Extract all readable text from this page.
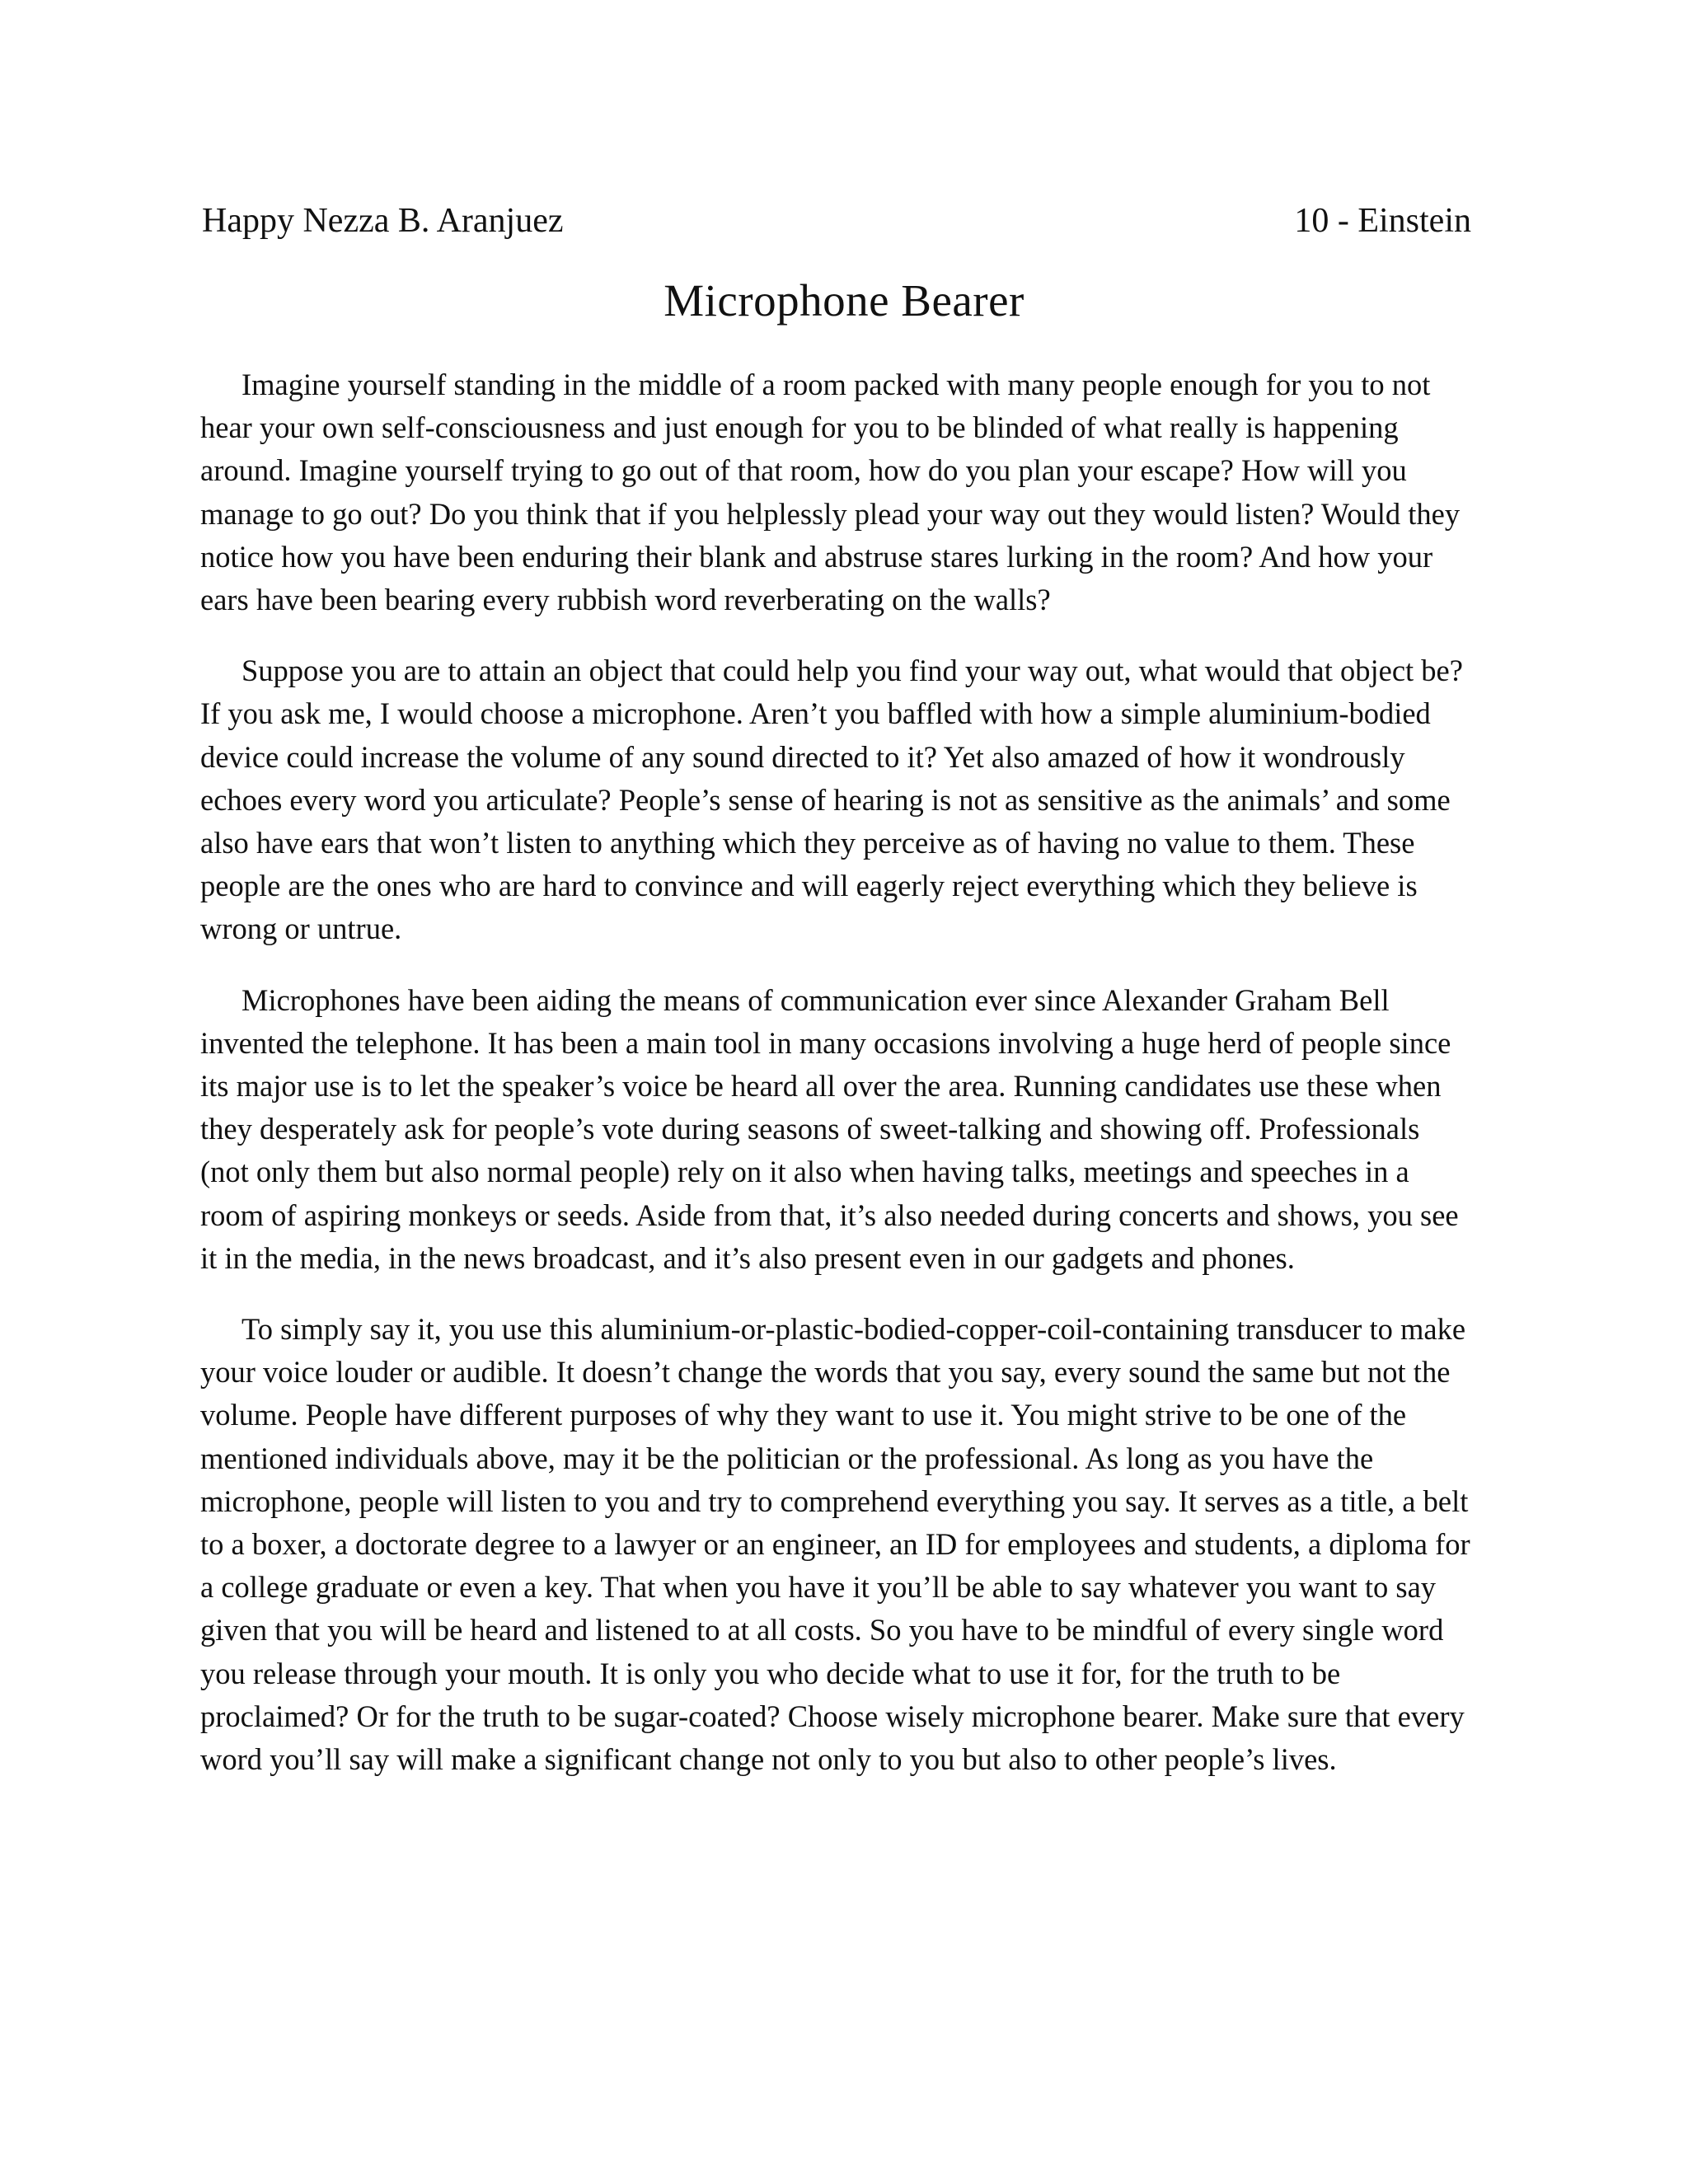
Happy Nezza B. Aranjuez	10 - Einstein
Microphone Bearer

Imagine yourself standing in the middle of a room packed with many people enough for you to not hear your own self-consciousness and just enough for you to be blinded of what really is happening around. Imagine yourself trying to go out of that room, how do you plan your escape? How will you manage to go out? Do you think that if you helplessly plead your way out they would listen? Would they notice how you have been enduring their blank and abstruse stares lurking in the room? And how your ears have been bearing every rubbish word reverberating on the walls?

Suppose you are to attain an object that could help you find your way out, what would that object be? If you ask me, I would choose a microphone. Aren’t you baffled with how a simple aluminium-bodied device could increase the volume of any sound directed to it? Yet also amazed of how it wondrously echoes every word you articulate? People’s sense of hearing is not as sensitive as the animals’ and some also have ears that won’t listen to anything which they perceive as of having no value to them. These people are the ones who are hard to convince and will eagerly reject everything which they believe is wrong or untrue.

Microphones have been aiding the means of communication ever since Alexander Graham Bell invented the telephone. It has been a main tool in many occasions involving a huge herd of people since its major use is to let the speaker’s voice be heard all over the area. Running candidates use these when they desperately ask for people’s vote during seasons of sweet-talking and showing off. Professionals (not only them but also normal people) rely on it also when having talks, meetings and speeches in a room of aspiring monkeys or seeds. Aside from that, it’s also needed during concerts and shows, you see it in the media, in the news broadcast, and it’s also present even in our gadgets and phones.

To simply say it, you use this aluminium-or-plastic-bodied-copper-coil-containing transducer to make your voice louder or audible. It doesn’t change the words that you say, every sound the same but not the volume. People have different purposes of why they want to use it. You might strive to be one of the mentioned individuals above, may it be the politician or the professional. As long as you have the microphone, people will listen to you and try to comprehend everything you say. It serves as a title, a belt to a boxer, a doctorate degree to a lawyer or an engineer, an ID for employees and students, a diploma for a college graduate or even a key. That when you have it you’ll be able to say whatever you want to say given that you will be heard and listened to at all costs. So you have to be mindful of every single word you release through your mouth. It is only you who decide what to use it for, for the truth to be proclaimed? Or for the truth to be sugar-coated? Choose wisely microphone bearer. Make sure that every word you’ll say will make a significant change not only to you but also to other people’s lives.
